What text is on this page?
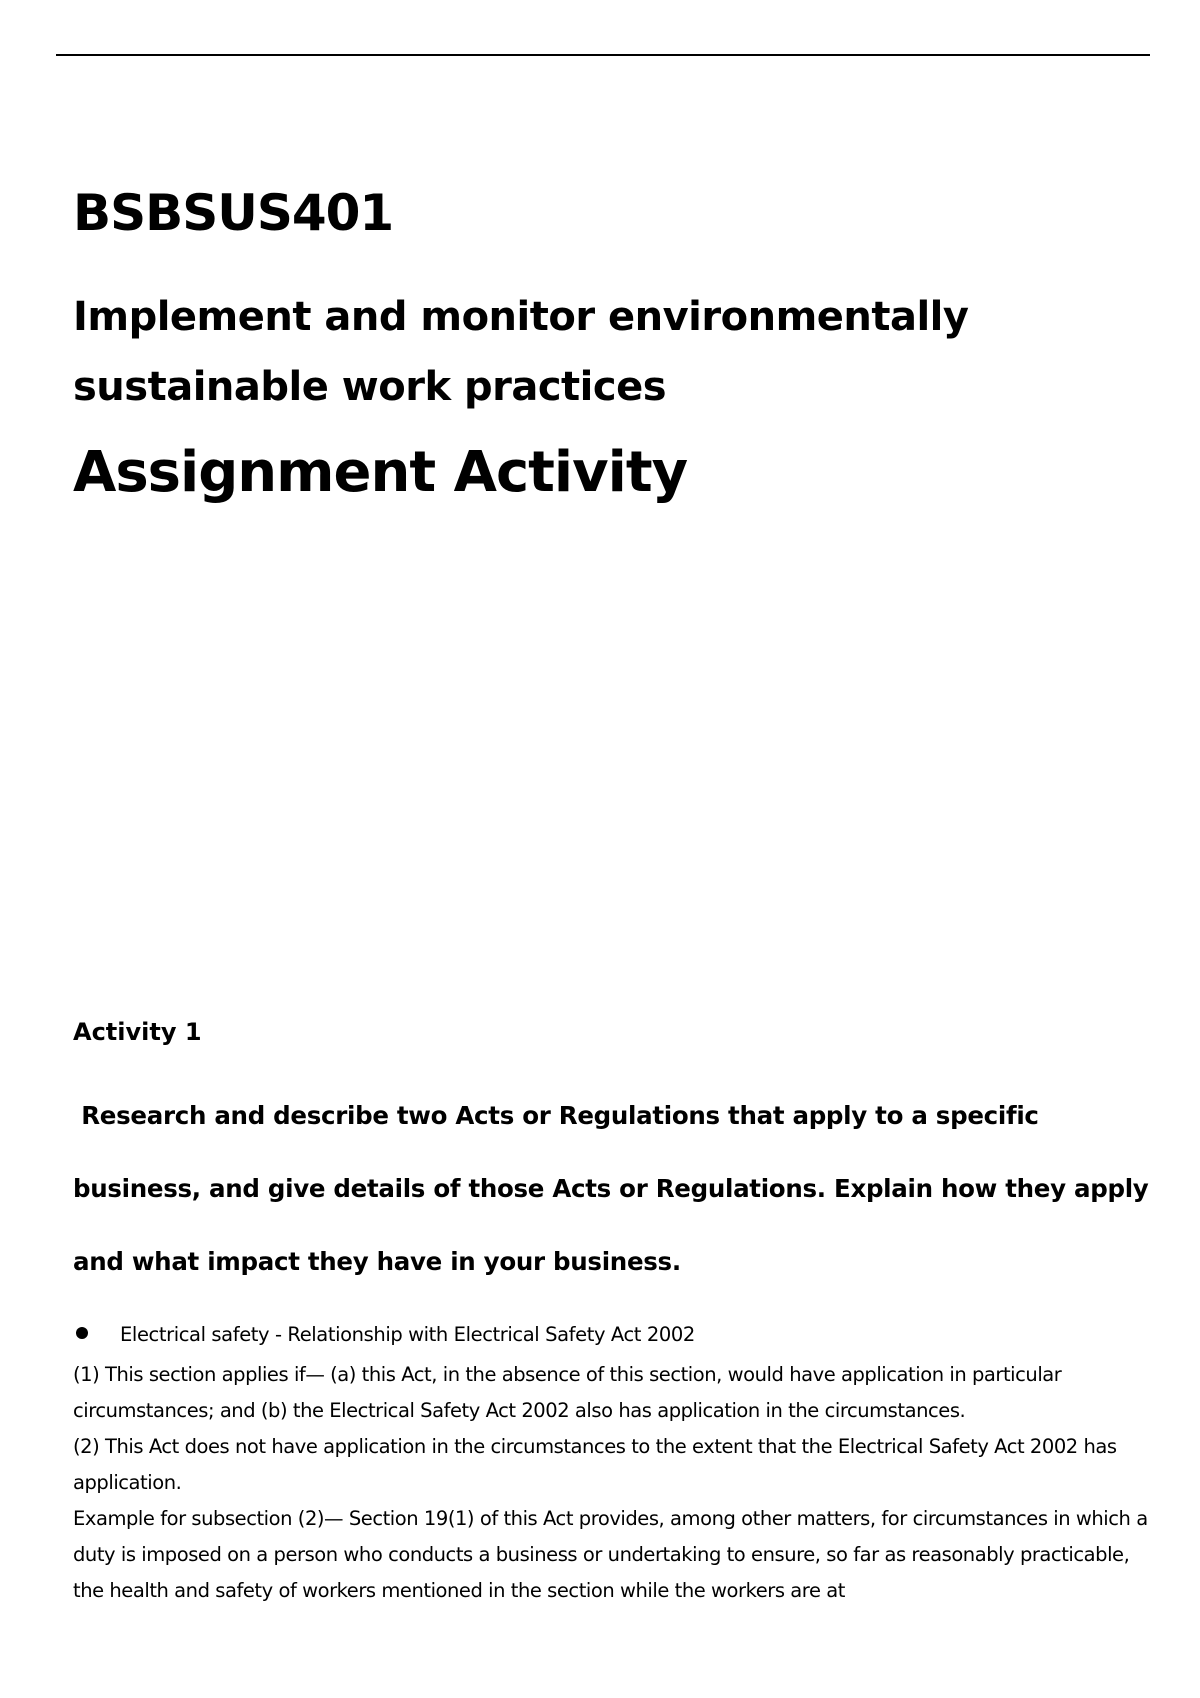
BSBSUS401
Implement and monitor environmentally sustainable work practices
Assignment Activity
Activity 1
Research and describe two Acts or Regulations that apply to a specific business, and give details of those Acts or Regulations. Explain how they apply and what impact they have in your business.
Electrical safety - Relationship with Electrical Safety Act 2002

(1) This section applies if— (a) this Act, in the absence of this section, would have application in particular circumstances; and (b) the Electrical Safety Act 2002 also has application in the circumstances.

(2) This Act does not have application in the circumstances to the extent that the Electrical Safety Act 2002 has application.

Example for subsection (2)— Section 19(1) of this Act provides, among other matters, for circumstances in which a duty is imposed on a person who conducts a business or undertaking to ensure, so far as reasonably practicable, the health and safety of workers mentioned in the section while the workers are at
